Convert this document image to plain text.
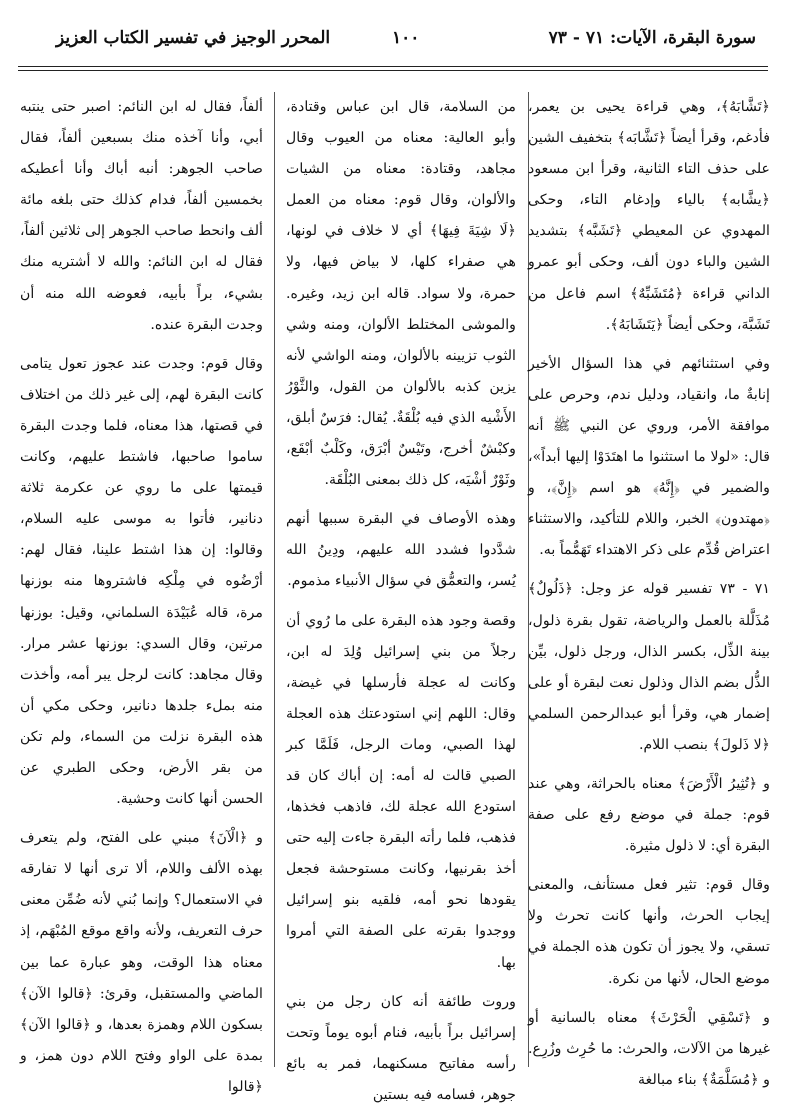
سورة البقرة، الآيات: ٧١ - ٧٣
١٠٠
المحرر الوجيز في تفسير الكتاب العزيز

﴿تَشَّابَهُ﴾، وهي قراءة يحيى بن يعمر، فأدغم، وقرأ أيضاً ﴿تَشَّابَه﴾ بتخفيف الشين على حذف التاء الثانية، وقرأ ابن مسعود ﴿يشَّابه﴾ بالياء وإدغام التاء، وحكى المهدوي عن المعيطي ﴿تَشَبَّه﴾ بتشديد الشين والباء دون ألف، وحكى أبو عمرو الداني قراءة ﴿مُتَشَبِّهٌ﴾ اسم فاعل من تَشَبَّهَ، وحكى أيضاً ﴿يَتَشَابَهُ﴾.

وفي استثنائهم في هذا السؤال الأخير إنابةٌ ما، وانقياد، ودليل ندم، وحرص على موافقة الأمر، وروي عن النبي ﷺ أنه قال: «لولا ما استثنوا ما اهتَدَوْا إليها أبداً»، والضمير في ﴿إِنَّهُ﴾ هو اسم ﴿إِنَّ﴾، و ﴿مهتدون﴾ الخبر، واللام للتأكيد، والاستثناء اعتراض قُدِّم على ذكر الاهتداء تَهَمُّماً به.

٧١ - ٧٣ تفسير قوله عز وجل: ﴿ذَلُولٌ﴾ مُذَلَّلة بالعمل والرياضة، تقول بقرة ذلول، بينة الذِّل، بكسر الذال، ورجل ذلول، بيِّن الذُّل بضم الذال وذلول نعت لبقرة أو على إضمار هي، وقرأ أبو عبدالرحمن السلمي ﴿لا ذَلولَ﴾ بنصب اللام.

و ﴿تُثِيرُ الْأَرْضَ﴾ معناه بالحراثة، وهي عند قوم: جملة في موضع رفع على صفة البقرة أي: لا ذلول مثيرة.

وقال قوم: تثير فعل مستأنف، والمعنى إيجاب الحرث، وأنها كانت تحرث ولا تسقي، ولا يجوز أن تكون هذه الجملة في موضع الحال، لأنها من نكرة.

و ﴿تَسْقِي الْحَرْثَ﴾ معناه بالسانية أو غيرها من الآلات، والحرث: ما حُرِث وزُرِع. و ﴿مُسَلَّمَةٌ﴾ بناء مبالغة

من السلامة، قال ابن عباس وقتادة، وأبو العالية: معناه من العيوب وقال مجاهد، وقتادة: معناه من الشيات والألوان، وقال قوم: معناه من العمل ﴿لَا شِيَةَ فِيهَا﴾ أي لا خلاف في لونها، هي صفراء كلها، لا بياض فيها، ولا حمرة، ولا سواد. قاله ابن زيد، وغيره. والموشى المختلط الألوان، ومنه وشي الثوب تزيينه بالألوان، ومنه الواشي لأنه يزين كذبه بالألوان من القول، والثَّوْرُ الأَشْيه الذي فيه بُلْقَةٌ. يُقال: فرَسٌ أبلق، وكبْشٌ أخرج، وتَيْسٌ أبْرَق، وكَلْبٌ أبْقَع، وثَوْرٌ أشْيَه، كل ذلك بمعنى البُلْقَة.

وهذه الأوصاف في البقرة سببها أنهم شدَّدوا فشدد الله عليهم، ودِينُ الله يُسر، والتعمُّق في سؤال الأنبياء مذموم.

وقصة وجود هذه البقرة على ما رُوي أن رجلاً من بني إسرائيل وُلِدَ له ابن، وكانت له عجلة فأرسلها في غيضة، وقال: اللهم إني استودعتك هذه العجلة لهذا الصبي، ومات الرجل، فَلَمَّا كبر الصبي قالت له أمه: إن أباك كان قد استودع الله عجلة لك، فاذهب فخذها، فذهب، فلما رأته البقرة جاءت إليه حتى أخذ بقرنيها، وكانت مستوحشة فجعل يقودها نحو أمه، فلقيه بنو إسرائيل ووجدوا بقرته على الصفة التي أمروا بها.

وروت طائفة أنه كان رجل من بني إسرائيل براً بأبيه، فنام أبوه يوماً وتحت رأسه مفاتيح مسكنهما، فمر به بائع جوهر، فسامه فيه بستين

ألفاً، فقال له ابن النائم: اصبر حتى ينتبه أبي، وأنا آخذه منك بسبعين ألفاً، فقال صاحب الجوهر: أنبه أباك وأنا أعطيكه بخمسين ألفاً، فدام كذلك حتى بلغه مائة ألف وانحط صاحب الجوهر إلى ثلاثين ألفاً، فقال له ابن النائم: والله لا أشتريه منك بشيء، براً بأبيه، فعوضه الله منه أن وجدت البقرة عنده.

وقال قوم: وجدت عند عجوز تعول يتامى كانت البقرة لهم، إلى غير ذلك من اختلاف في قصتها، هذا معناه، فلما وجدت البقرة ساموا صاحبها، فاشتط عليهم، وكانت قيمتها على ما روي عن عكرمة ثلاثة دنانير، فأتوا به موسى عليه السلام، وقالوا: إن هذا اشتط علينا، فقال لهم: أرْضُوه في مِلْكِه فاشتروها منه بوزنها مرة، قاله عُبَيْدَة السلماني، وقيل: بوزنها مرتين، وقال السدي: بوزنها عشر مرار. وقال مجاهد: كانت لرجل يبر أمه، وأخذت منه بملء جلدها دنانير، وحكى مكي أن هذه البقرة نزلت من السماء، ولم تكن من بقر الأرض، وحكى الطبري عن الحسن أنها كانت وحشية.

و ﴿الْآنَ﴾ مبني على الفتح، ولم يتعرف بهذه الألف واللام، ألا ترى أنها لا تفارقه في الاستعمال؟ وإنما بُني لأنه ضُمِّن معنى حرف التعريف، ولأنه واقع موقع المُبْهَم، إذ معناه هذا الوقت، وهو عبارة عما بين الماضي والمستقبل، وقرئ: ﴿قالوا الآن﴾ بسكون اللام وهمزة بعدها، و ﴿قالوا الآن﴾ بمدة على الواو وفتح اللام دون همز، و ﴿قالوا
